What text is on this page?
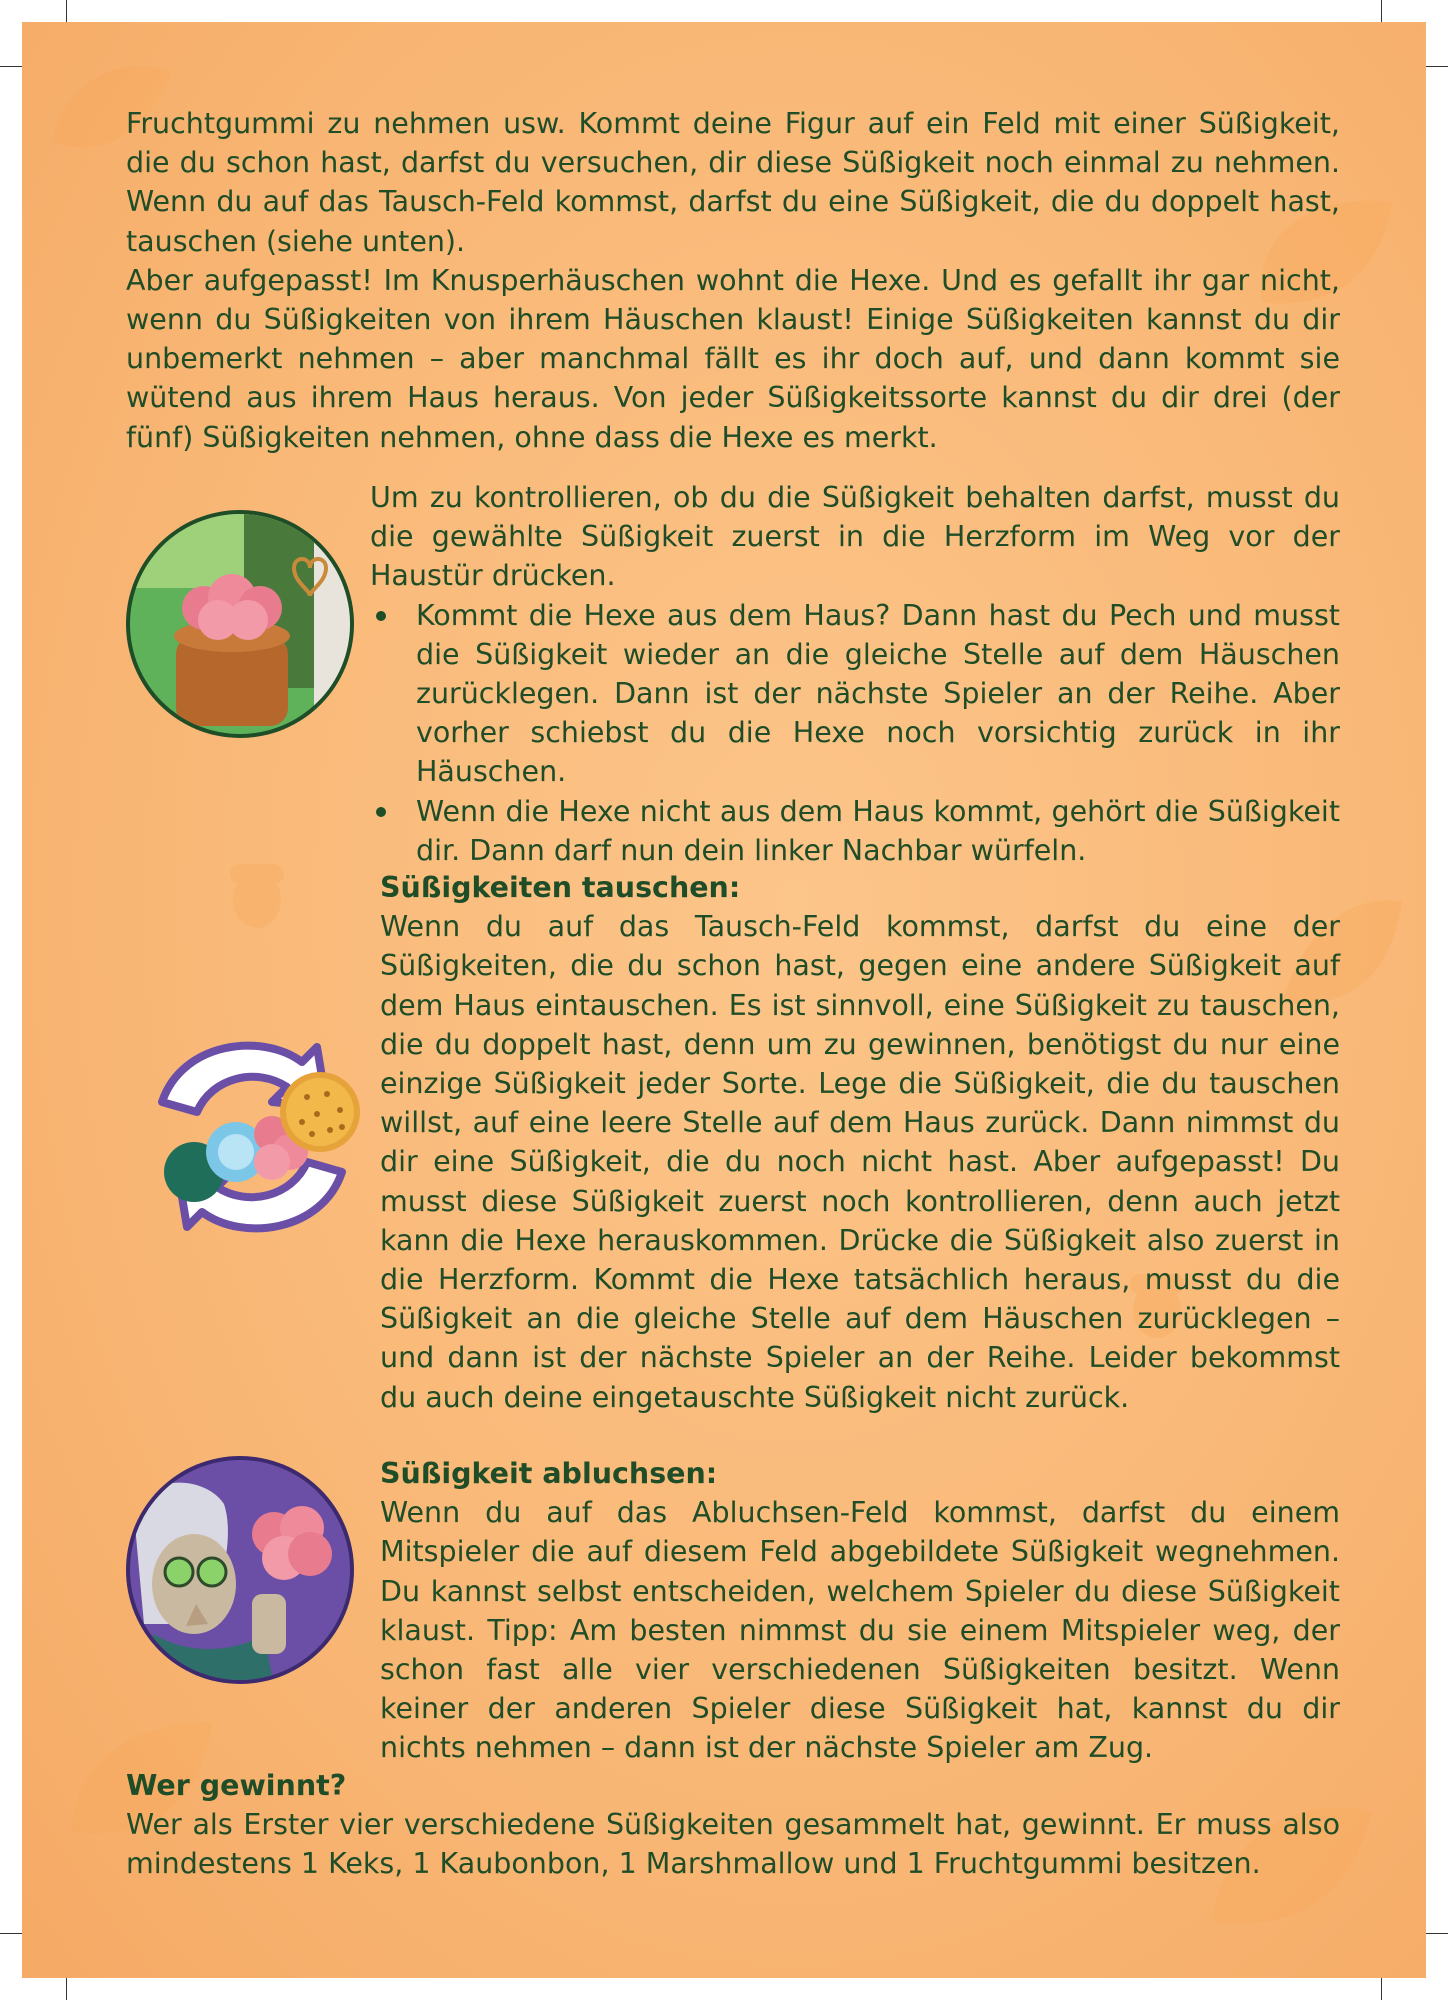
Fruchtgummi zu nehmen usw. Kommt deine Figur auf ein Feld mit einer Süßigkeit, die du schon hast, darfst du versuchen, dir diese Süßigkeit noch einmal zu nehmen. Wenn du auf das Tausch-Feld kommst, darfst du eine Süßigkeit, die du doppelt hast, tauschen (siehe unten).

Aber aufgepasst! Im Knusperhäuschen wohnt die Hexe. Und es gefallt ihr gar nicht, wenn du Süßigkeiten von ihrem Häuschen klaust! Einige Süßigkeiten kannst du dir unbemerkt nehmen – aber manchmal fällt es ihr doch auf, und dann kommt sie wütend aus ihrem Haus heraus. Von jeder Süßigkeitssorte kannst du dir drei (der fünf) Süßigkeiten nehmen, ohne dass die Hexe es merkt.

Um zu kontrollieren, ob du die Süßigkeit behalten darfst, musst du die gewählte Süßigkeit zuerst in die Herzform im Weg vor der Haustür drücken.

Kommt die Hexe aus dem Haus? Dann hast du Pech und musst die Süßigkeit wieder an die gleiche Stelle auf dem Häuschen zurücklegen. Dann ist der nächste Spieler an der Reihe. Aber vorher schiebst du die Hexe noch vorsichtig zurück in ihr Häuschen.
Wenn die Hexe nicht aus dem Haus kommt, gehört die Süßigkeit dir. Dann darf nun dein linker Nachbar würfeln.

Süßigkeiten tauschen:

Wenn du auf das Tausch-Feld kommst, darfst du eine der Süßigkeiten, die du schon hast, gegen eine andere Süßigkeit auf dem Haus eintauschen. Es ist sinnvoll, eine Süßigkeit zu tauschen, die du doppelt hast, denn um zu gewinnen, benötigst du nur eine einzige Süßigkeit jeder Sorte. Lege die Süßigkeit, die du tauschen willst, auf eine leere Stelle auf dem Haus zurück. Dann nimmst du dir eine Süßigkeit, die du noch nicht hast. Aber aufgepasst! Du musst diese Süßigkeit zuerst noch kontrollieren, denn auch jetzt kann die Hexe herauskommen. Drücke die Süßigkeit also zuerst in die Herzform. Kommt die Hexe tatsächlich heraus, musst du die Süßigkeit an die gleiche Stelle auf dem Häuschen zurücklegen – und dann ist der nächste Spieler an der Reihe. Leider bekommst du auch deine eingetauschte Süßigkeit nicht zurück.

Süßigkeit abluchsen:

Wenn du auf das Abluchsen-Feld kommst, darfst du einem Mitspieler die auf diesem Feld abgebildete Süßigkeit wegnehmen. Du kannst selbst entscheiden, welchem Spieler du diese Süßigkeit klaust. Tipp: Am besten nimmst du sie einem Mitspieler weg, der schon fast alle vier verschiedenen Süßigkeiten besitzt. Wenn keiner der anderen Spieler diese Süßigkeit hat, kannst du dir nichts nehmen – dann ist der nächste Spieler am Zug.

Wer gewinnt?

Wer als Erster vier verschiedene Süßigkeiten gesammelt hat, gewinnt. Er muss also mindestens 1 Keks, 1 Kaubonbon, 1 Marshmallow und 1 Fruchtgummi besitzen.
